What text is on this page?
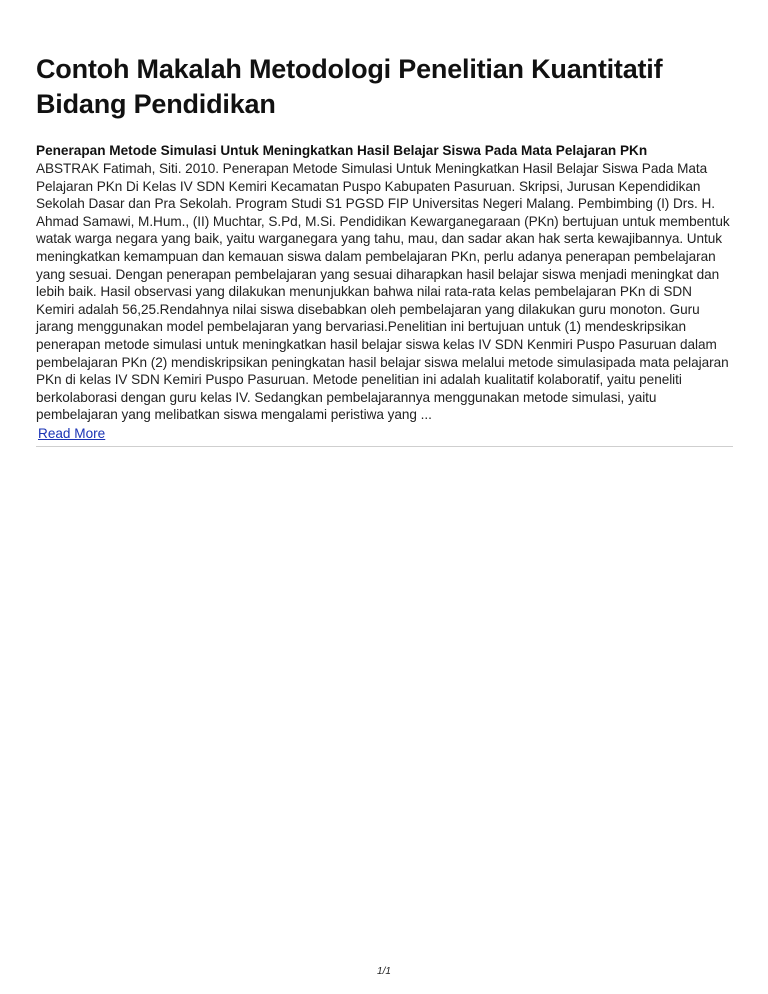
Contoh Makalah Metodologi Penelitian Kuantitatif Bidang Pendidikan

Penerapan Metode Simulasi Untuk Meningkatkan Hasil Belajar Siswa Pada Mata Pelajaran PKn

ABSTRAK Fatimah, Siti. 2010. Penerapan Metode Simulasi Untuk Meningkatkan Hasil Belajar Siswa Pada Mata Pelajaran PKn Di Kelas IV SDN Kemiri Kecamatan Puspo Kabupaten Pasuruan. Skripsi, Jurusan Kependidikan Sekolah Dasar dan Pra Sekolah. Program Studi S1 PGSD FIP Universitas Negeri Malang. Pembimbing (I) Drs. H. Ahmad Samawi, M.Hum., (II) Muchtar, S.Pd, M.Si. Pendidikan Kewarganegaraan (PKn) bertujuan untuk membentuk watak warga negara yang baik, yaitu warganegara yang tahu, mau, dan sadar akan hak serta kewajibannya. Untuk meningkatkan kemampuan dan kemauan siswa dalam pembelajaran PKn, perlu adanya penerapan pembelajaran yang sesuai. Dengan penerapan pembelajaran yang sesuai diharapkan hasil belajar siswa menjadi meningkat dan lebih baik. Hasil observasi yang dilakukan menunjukkan bahwa nilai rata-rata kelas pembelajaran PKn di SDN Kemiri adalah 56,25.Rendahnya nilai siswa disebabkan oleh pembelajaran yang dilakukan guru monoton. Guru jarang menggunakan model pembelajaran yang bervariasi.Penelitian ini bertujuan untuk (1) mendeskripsikan penerapan metode simulasi untuk meningkatkan hasil belajar siswa kelas IV SDN Kenmiri Puspo Pasuruan dalam pembelajaran PKn (2) mendiskripsikan peningkatan hasil belajar siswa melalui metode simulasipada mata pelajaran PKn di kelas IV SDN Kemiri Puspo Pasuruan. Metode penelitian ini adalah kualitatif kolaboratif, yaitu peneliti berkolaborasi dengan guru kelas IV. Sedangkan pembelajarannya menggunakan metode simulasi, yaitu pembelajaran yang melibatkan siswa mengalami peristiwa yang ...

Read More
1/1
